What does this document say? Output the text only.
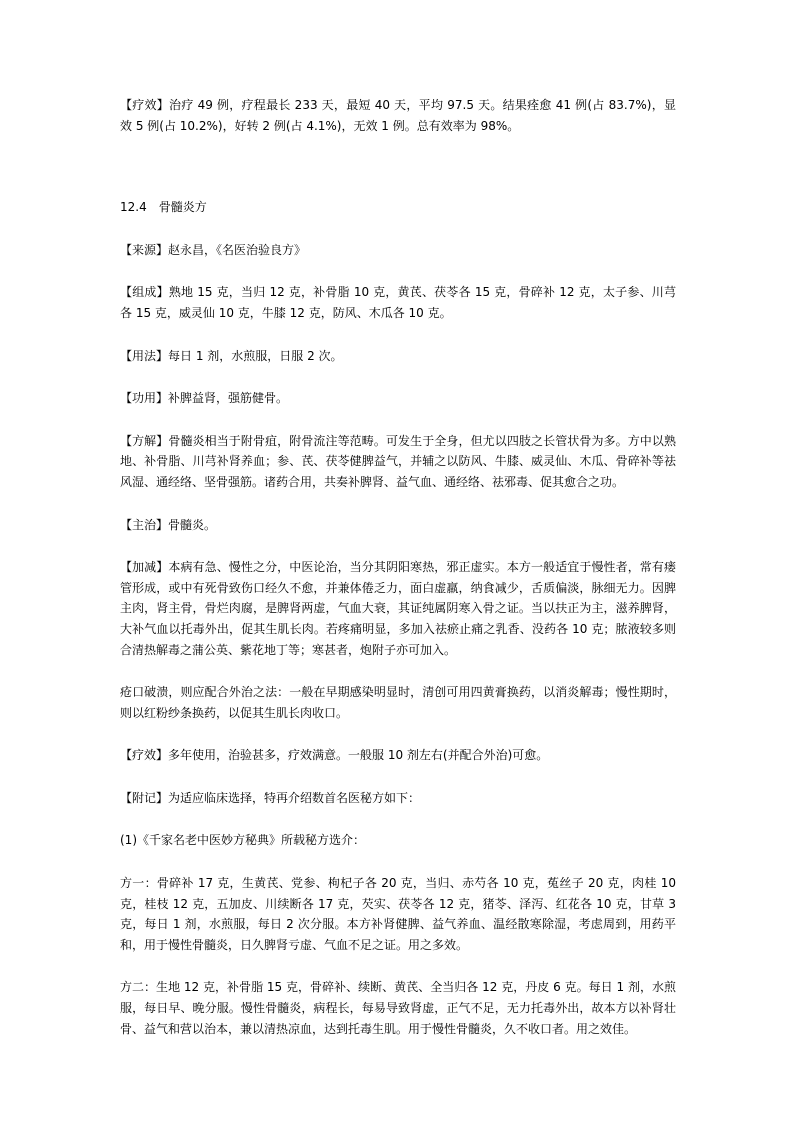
【疗效】治疗 49 例，疗程最长 233 天，最短 40 天，平均 97.5 天。结果痊愈 41 例(占 83.7%)，显效 5 例(占 10.2%)，好转 2 例(占 4.1%)，无效 1 例。总有效率为 98%。

12.4　骨髓炎方

【来源】赵永昌，《名医治验良方》

【组成】熟地 15 克，当归 12 克，补骨脂 10 克，黄芪、茯苓各 15 克，骨碎补 12 克，太子参、川芎各 15 克，威灵仙 10 克，牛膝 12 克，防风、木瓜各 10 克。

【用法】每日 1 剂，水煎服，日服 2 次。

【功用】补脾益肾，强筋健骨。

【方解】骨髓炎相当于附骨疽，附骨流注等范畴。可发生于全身，但尤以四肢之长管状骨为多。方中以熟地、补骨脂、川芎补肾养血；参、芪、茯苓健脾益气，并辅之以防风、牛膝、威灵仙、木瓜、骨碎补等祛风湿、通经络、坚骨强筋。诸药合用，共奏补脾肾、益气血、通经络、祛邪毒、促其愈合之功。

【主治】骨髓炎。

【加减】本病有急、慢性之分，中医论治，当分其阴阳寒热，邪正虚实。本方一般适宜于慢性者，常有瘘管形成，或中有死骨致伤口经久不愈，并兼体倦乏力，面白虚羸，纳食减少，舌质偏淡，脉细无力。因脾主肉，肾主骨，骨烂肉腐，是脾肾两虚，气血大衰，其证纯属阴寒入骨之证。当以扶正为主，滋养脾肾，大补气血以托毒外出，促其生肌长肉。若疼痛明显，多加入祛瘀止痛之乳香、没药各 10 克；脓液较多则合清热解毒之蒲公英、紫花地丁等；寒甚者，炮附子亦可加入。

疮口破溃，则应配合外治之法：一般在早期感染明显时，清创可用四黄膏换药，以消炎解毒；慢性期时，则以红粉纱条换药，以促其生肌长肉收口。

【疗效】多年使用，治验甚多，疗效满意。一般服 10 剂左右(并配合外治)可愈。

【附记】为适应临床选择，特再介绍数首名医秘方如下：

(1)《千家名老中医妙方秘典》所载秘方选介：

方一：骨碎补 17 克，生黄芪、党参、枸杞子各 20 克，当归、赤芍各 10 克，菟丝子 20 克，肉桂 10 克，桂枝 12 克，五加皮、川续断各 17 克，芡实、茯苓各 12 克，猪苓、泽泻、红花各 10 克，甘草 3 克，每日 1 剂，水煎服，每日 2 次分服。本方补肾健脾、益气养血、温经散寒除湿，考虑周到，用药平和，用于慢性骨髓炎，日久脾肾亏虚、气血不足之证。用之多效。

方二：生地 12 克，补骨脂 15 克，骨碎补、续断、黄芪、全当归各 12 克，丹皮 6 克。每日 1 剂，水煎服，每日早、晚分服。慢性骨髓炎，病程长，每易导致肾虚，正气不足，无力托毒外出，故本方以补肾壮骨、益气和营以治本，兼以清热凉血，达到托毒生肌。用于慢性骨髓炎，久不收口者。用之效佳。
